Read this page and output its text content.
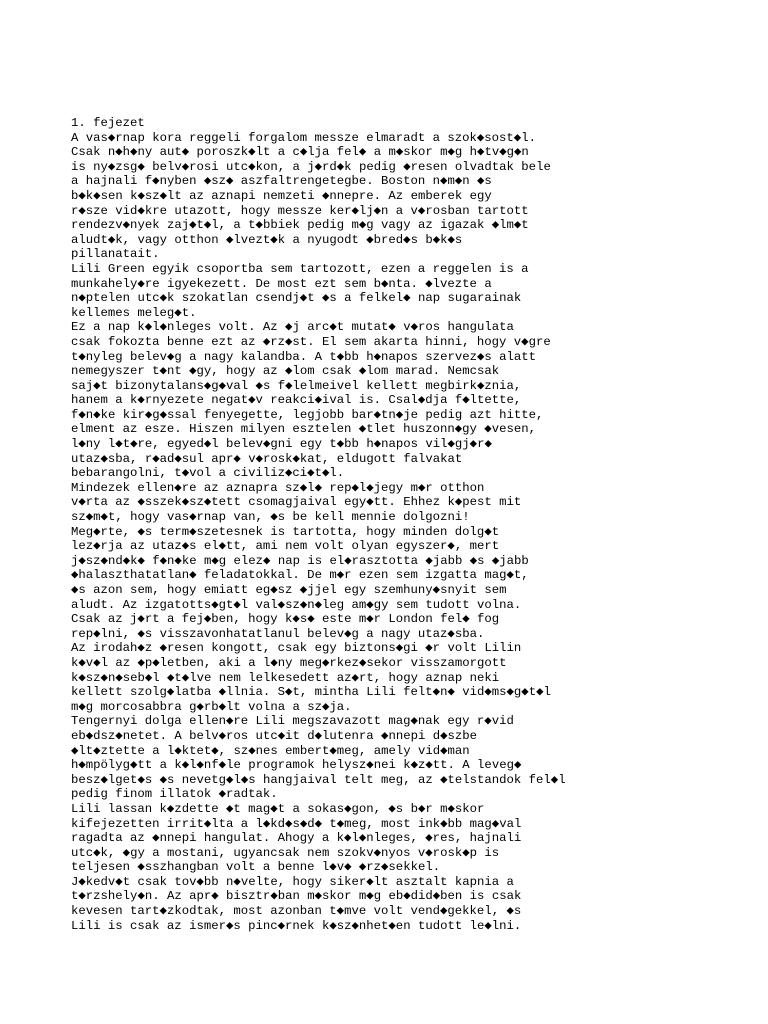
1. fejezet
A vas◆rnap kora reggeli forgalom messze elmaradt a szok◆sost◆l.
Csak n◆h◆ny aut◆ poroszk◆lt a c◆lja fel◆ a m◆skor m◆g h◆tv◆g◆n
is ny◆zsg◆ belv◆rosi utc◆kon, a j◆rd◆k pedig ◆resen olvadtak bele
a hajnali f◆nyben ◆sz◆ aszfaltrengetegbe. Boston n◆m◆n ◆s
b◆k◆sen k◆sz◆lt az aznapi nemzeti ◆nnepre. Az emberek egy
r◆sze vid◆kre utazott, hogy messze ker◆lj◆n a v◆rosban tartott
rendezv◆nyek zaj◆t◆l, a t◆bbiek pedig m◆g vagy az igazak ◆lm◆t
aludt◆k, vagy otthon ◆lvezt◆k a nyugodt ◆bred◆s b◆k◆s
pillanatait.
Lili Green egyik csoportba sem tartozott, ezen a reggelen is a
munkahely◆re igyekezett. De most ezt sem b◆nta. ◆lvezte a
n◆ptelen utc◆k szokatlan csendj◆t ◆s a felkel◆ nap sugarainak
kellemes meleg◆t.
Ez a nap k◆l◆nleges volt. Az ◆j arc◆t mutat◆ v◆ros hangulata
csak fokozta benne ezt az ◆rz◆st. El sem akarta hinni, hogy v◆gre
t◆nyleg belev◆g a nagy kalandba. A t◆bb h◆napos szervez◆s alatt
nemegyszer t◆nt ◆gy, hogy az ◆lom csak ◆lom marad. Nemcsak
saj◆t bizonytalans◆g◆val ◆s f◆lelmeivel kellett megbirk◆znia,
hanem a k◆rnyezete negat◆v reakci◆ival is. Csal◆dja f◆ltette,
f◆n◆ke kir◆g◆ssal fenyegette, legjobb bar◆tn◆je pedig azt hitte,
elment az esze. Hiszen milyen esztelen ◆tlet huszonn◆gy ◆vesen,
l◆ny l◆t◆re, egyed◆l belev◆gni egy t◆bb h◆napos vil◆gj◆r◆
utaz◆sba, r◆ad◆sul apr◆ v◆rosk◆kat, eldugott falvakat
bebarangolni, t◆vol a civiliz◆ci◆t◆l.
Mindezek ellen◆re az aznapra sz◆l◆ rep◆l◆jegy m◆r otthon
v◆rta az ◆sszek◆sz◆tett csomagjaival egy◆tt. Ehhez k◆pest mit
sz◆m◆t, hogy vas◆rnap van, ◆s be kell mennie dolgozni!
Meg◆rte, ◆s term◆szetesnek is tartotta, hogy minden dolg◆t
lez◆rja az utaz◆s el◆tt, ami nem volt olyan egyszer◆, mert
j◆sz◆nd◆k◆ f◆n◆ke m◆g elez◆ nap is el◆rasztotta ◆jabb ◆s ◆jabb
◆halaszthatatlan◆ feladatokkal. De m◆r ezen sem izgatta mag◆t,
◆s azon sem, hogy emiatt eg◆sz ◆jjel egy szemhuny◆snyit sem
aludt. Az izgatotts◆gt◆l val◆sz◆n◆leg am◆gy sem tudott volna.
Csak az j◆rt a fej◆ben, hogy k◆s◆ este m◆r London fel◆ fog
rep◆lni, ◆s visszavonhatatlanul belev◆g a nagy utaz◆sba.
Az irodah◆z ◆resen kongott, csak egy biztons◆gi ◆r volt Lilin
k◆v◆l az ◆p◆letben, aki a l◆ny meg◆rkez◆sekor visszamorgott
k◆sz◆n◆seb◆l ◆t◆lve nem lelkesedett az◆rt, hogy aznap neki
kellett szolg◆latba ◆llnia. S◆t, mintha Lili felt◆n◆ vid◆ms◆g◆t◆l
m◆g morcosabbra g◆rb◆lt volna a sz◆ja.
Tengernyi dolga ellen◆re Lili megszavazott mag◆nak egy r◆vid
eb◆dsz◆netet. A belv◆ros utc◆it d◆lutenra ◆nnepi d◆szbe
◆lt◆ztette a l◆ktet◆, sz◆nes embert◆meg, amely vid◆man
h◆mpölyg◆tt a k◆l◆nf◆le programok helysz◆nei k◆z◆tt. A leveg◆
besz◆lget◆s ◆s nevetg◆l◆s hangjaival telt meg, az ◆telstandok fel◆l
pedig finom illatok ◆radtak.
Lili lassan k◆zdette ◆t mag◆t a sokas◆gon, ◆s b◆r m◆skor
kifejezetten irrit◆lta a l◆kd◆s◆d◆ t◆meg, most ink◆bb mag◆val
ragadta az ◆nnepi hangulat. Ahogy a k◆l◆nleges, ◆res, hajnali
utc◆k, ◆gy a mostani, ugyancsak nem szokv◆nyos v◆rosk◆p is
teljesen ◆sszhangban volt a benne l◆v◆ ◆rz◆sekkel.
J◆kedv◆t csak tov◆bb n◆velte, hogy siker◆lt asztalt kapnia a
t◆rzshely◆n. Az apr◆ bisztr◆ban m◆skor m◆g eb◆did◆ben is csak
kevesen tart◆zkodtak, most azonban t◆mve volt vend◆gekkel, ◆s
Lili is csak az ismer◆s pinc◆rnek k◆sz◆nhet◆en tudott le◆lni.
